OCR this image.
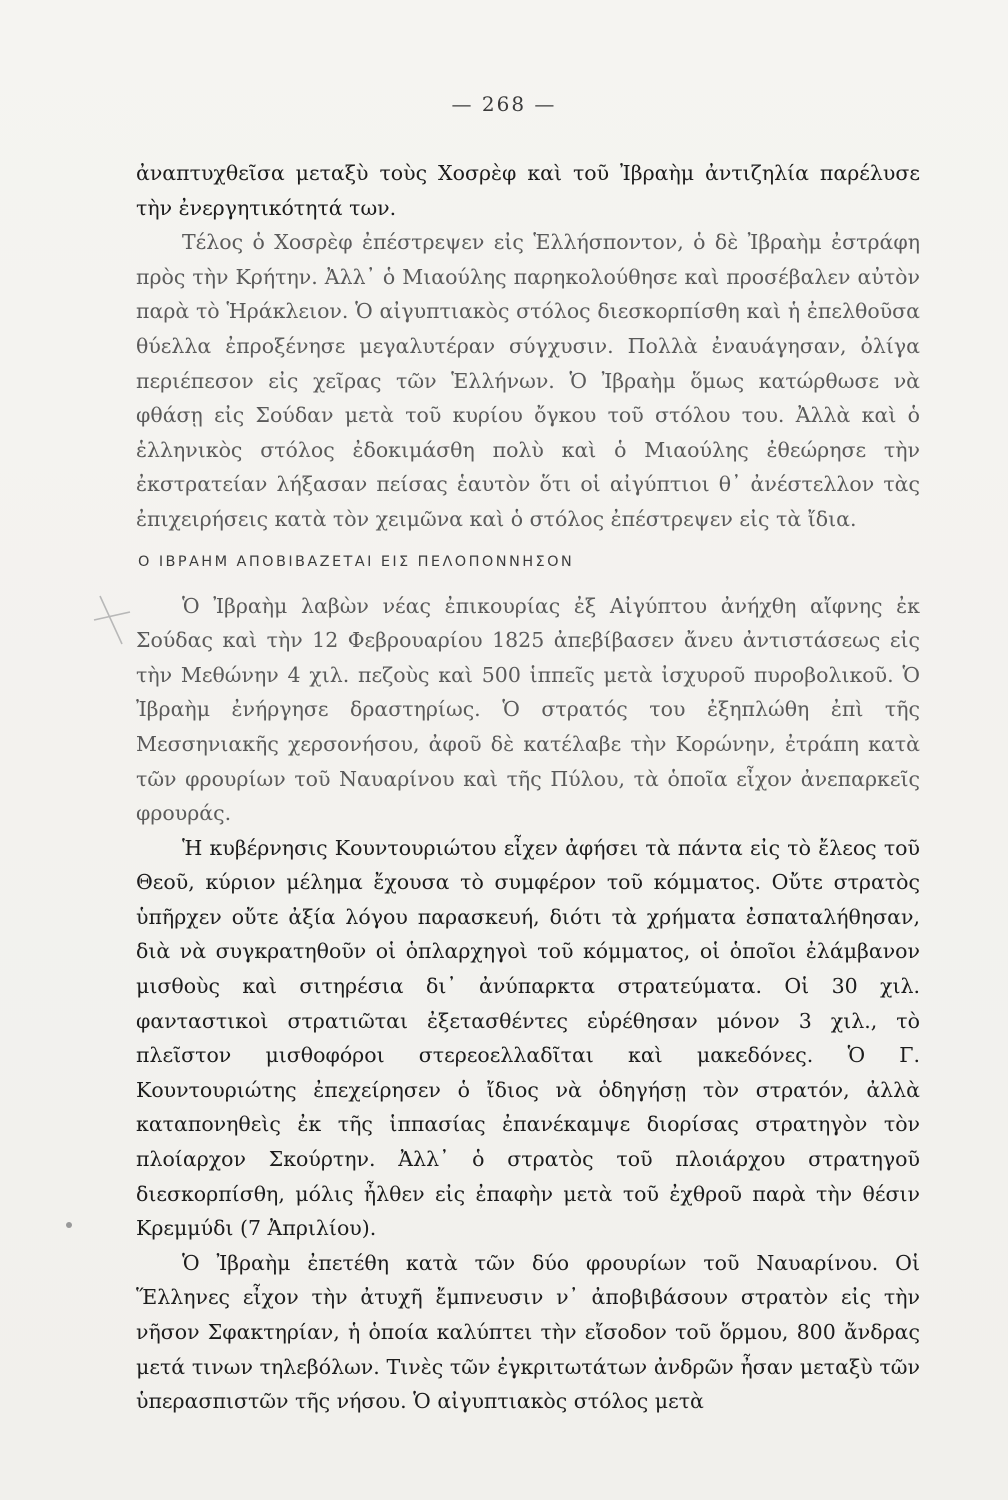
— 268 —

ἀναπτυχθεῖσα μεταξὺ τοὺς Χοσρὲφ καὶ τοῦ Ἰβραὴμ ἀντιζηλία παρέλυσε τὴν ἐνεργητικότητά των.

Τέλος ὁ Χοσρὲφ ἐπέστρεψεν εἰς Ἑλλήσποντον, ὁ δὲ Ἰβραὴμ ἐστράφη πρὸς τὴν Κρήτην. Ἀλλ᾽ ὁ Μιαούλης παρηκολούθησε καὶ προσέβαλεν αὐτὸν παρὰ τὸ Ἡράκλειον. Ὁ αἰγυπτιακὸς στόλος διεσκορπίσθη καὶ ἡ ἐπελθοῦσα θύελλα ἐπροξένησε μεγαλυτέραν σύγχυσιν. Πολλὰ ἐναυάγησαν, ὀλίγα περιέπεσον εἰς χεῖρας τῶν Ἑλλήνων. Ὁ Ἰβραὴμ ὅμως κατώρθωσε νὰ φθάσῃ εἰς Σούδαν μετὰ τοῦ κυρίου ὄγκου τοῦ στόλου του. Ἀλλὰ καὶ ὁ ἑλληνικὸς στόλος ἐδοκιμάσθη πολὺ καὶ ὁ Μιαούλης ἐθεώρησε τὴν ἐκστρατείαν λήξασαν πείσας ἑαυτὸν ὅτι οἱ αἰγύπτιοι θ᾽ ἀνέστελλον τὰς ἐπιχειρήσεις κατὰ τὸν χειμῶνα καὶ ὁ στόλος ἐπέστρεψεν εἰς τὰ ἴδια.

Ο ΙΒΡΑΗΜ ΑΠΟΒΙΒΑΖΕΤΑΙ ΕΙΣ ΠΕΛΟΠΟΝΝΗΣΟΝ

Ὁ Ἰβραὴμ λαβὼν νέας ἐπικουρίας ἐξ Αἰγύπτου ἀνήχθη αἴφνης ἐκ Σούδας καὶ τὴν 12 Φεβρουαρίου 1825 ἀπεβίβασεν ἄνευ ἀντιστάσεως εἰς τὴν Μεθώνην 4 χιλ. πεζοὺς καὶ 500 ἱππεῖς μετὰ ἰσχυροῦ πυροβολικοῦ. Ὁ Ἰβραὴμ ἐνήργησε δραστηρίως. Ὁ στρατός του ἐξηπλώθη ἐπὶ τῆς Μεσσηνιακῆς χερσονήσου, ἀφοῦ δὲ κατέλαβε τὴν Κορώνην, ἐτράπη κατὰ τῶν φρουρίων τοῦ Ναυαρίνου καὶ τῆς Πύλου, τὰ ὁποῖα εἶχον ἀνεπαρκεῖς φρουράς.

Ἡ κυβέρνησις Κουντουριώτου εἶχεν ἀφήσει τὰ πάντα εἰς τὸ ἔλεος τοῦ Θεοῦ, κύριον μέλημα ἔχουσα τὸ συμφέρον τοῦ κόμματος. Οὔτε στρατὸς ὑπῆρχεν οὔτε ἀξία λόγου παρασκευή, διότι τὰ χρήματα ἐσπαταλήθησαν, διὰ νὰ συγκρατηθοῦν οἱ ὁπλαρχηγοὶ τοῦ κόμματος, οἱ ὁποῖοι ἐλάμβανον μισθοὺς καὶ σιτηρέσια δι᾽ ἀνύπαρκτα στρατεύματα. Οἱ 30 χιλ. φανταστικοὶ στρατιῶται ἐξετασθέντες εὑρέθησαν μόνον 3 χιλ., τὸ πλεῖστον μισθοφόροι στερεοελλαδῖται καὶ μακεδόνες. Ὁ Γ. Κουντουριώτης ἐπεχείρησεν ὁ ἴδιος νὰ ὁδηγήσῃ τὸν στρατόν, ἀλλὰ καταπονηθεὶς ἐκ τῆς ἱππασίας ἐπανέκαμψε διορίσας στρατηγὸν τὸν πλοίαρχον Σκούρτην. Ἀλλ᾽ ὁ στρατὸς τοῦ πλοιάρχου στρατηγοῦ διεσκορπίσθη, μόλις ἦλθεν εἰς ἐπαφὴν μετὰ τοῦ ἐχθροῦ παρὰ τὴν θέσιν Κρεμμύδι (7 Ἀπριλίου).

Ὁ Ἰβραὴμ ἐπετέθη κατὰ τῶν δύο φρουρίων τοῦ Ναυαρίνου. Οἱ Ἕλληνες εἶχον τὴν ἀτυχῆ ἔμπνευσιν ν᾽ ἀποβιβάσουν στρατὸν εἰς τὴν νῆσον Σφακτηρίαν, ἡ ὁποία καλύπτει τὴν εἴσοδον τοῦ ὅρμου, 800 ἄνδρας μετά τινων τηλεβόλων. Τινὲς τῶν ἐγκριτωτάτων ἀνδρῶν ἦσαν μεταξὺ τῶν ὑπερασπιστῶν τῆς νήσου. Ὁ αἰγυπτιακὸς στόλος μετὰ
